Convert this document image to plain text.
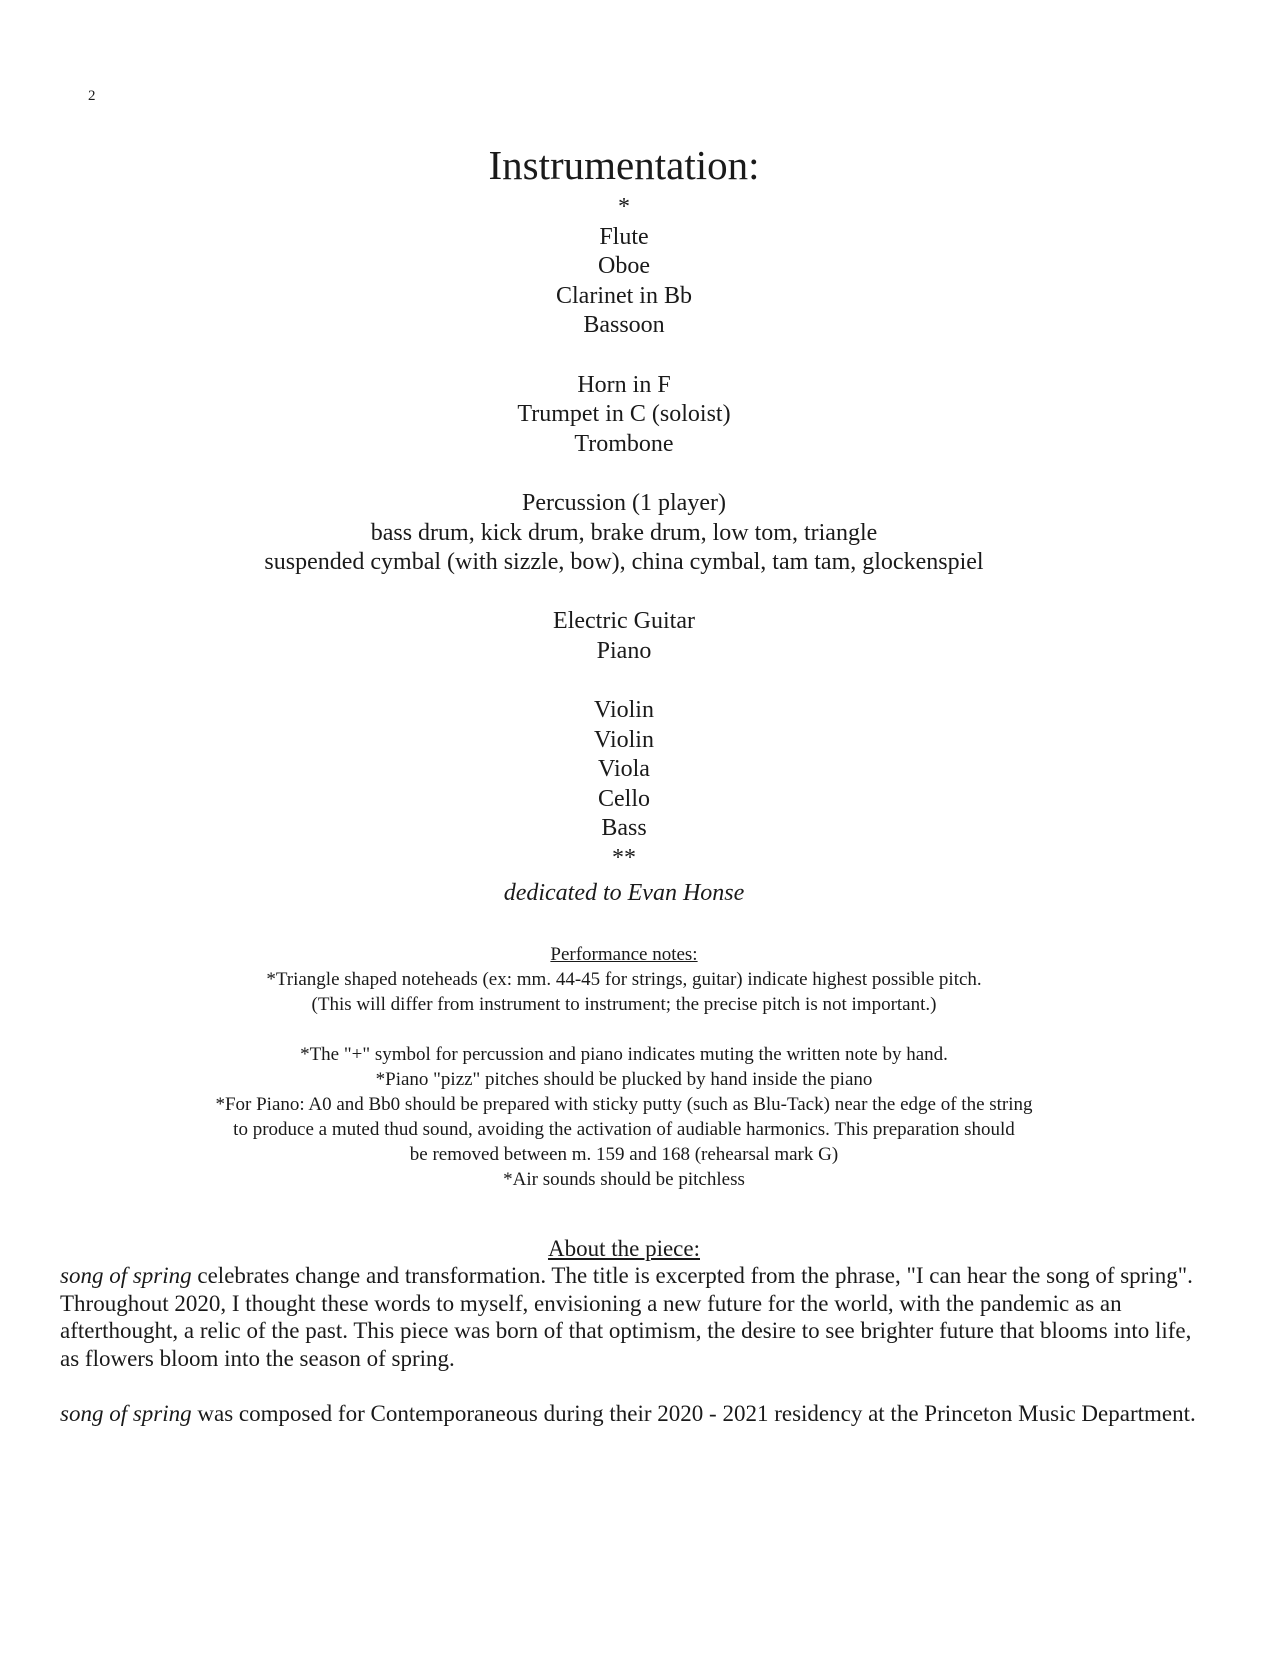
2
Instrumentation:
*
Flute
Oboe
Clarinet in Bb
Bassoon
Horn in F
Trumpet in C (soloist)
Trombone
Percussion (1 player)
bass drum, kick drum, brake drum, low tom, triangle
suspended cymbal (with sizzle, bow), china cymbal, tam tam, glockenspiel
Electric Guitar
Piano
Violin
Violin
Viola
Cello
Bass
**
dedicated to Evan Honse
Performance notes:
*Triangle shaped noteheads (ex: mm. 44-45 for strings, guitar) indicate highest possible pitch.
(This will differ from instrument to instrument; the precise pitch is not important.)
*The "+" symbol for percussion and piano indicates muting the written note by hand.
*Piano "pizz" pitches should be plucked by hand inside the piano
*For Piano: A0 and Bb0 should be prepared with sticky putty (such as Blu-Tack) near the edge of the string
to produce a muted thud sound, avoiding the activation of audiable harmonics. This preparation should
be removed between m. 159 and 168 (rehearsal mark G)
*Air sounds should be pitchless
About the piece:
song of spring celebrates change and transformation. The title is excerpted from the phrase, "I can hear the song of spring".
Throughout 2020, I thought these words to myself, envisioning a new future for the world, with the pandemic as an
afterthought, a relic of the past. This piece was born of that optimism, the desire to see brighter future that blooms into life,
as flowers bloom into the season of spring.
song of spring was composed for Contemporaneous during their 2020 - 2021 residency at the Princeton Music Department.
